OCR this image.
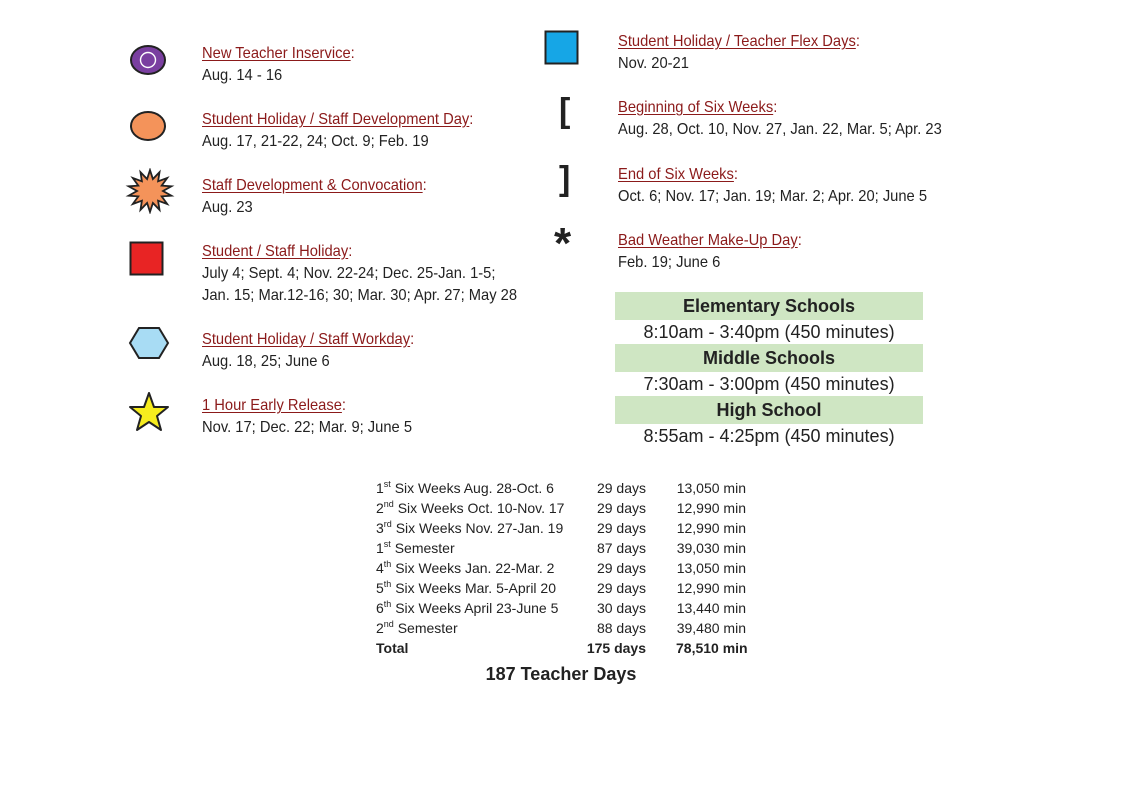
New Teacher Inservice:
Aug. 14 - 16
Student Holiday / Staff Development Day:
Aug. 17, 21-22, 24; Oct. 9; Feb. 19
Staff Development & Convocation:
Aug. 23
Student / Staff Holiday:
July 4; Sept. 4; Nov. 22-24; Dec. 25-Jan. 1-5;
Jan. 15; Mar.12-16; 30; Mar. 30; Apr. 27; May 28
Student Holiday / Staff Workday:
Aug. 18, 25; June 6
1 Hour Early Release:
Nov. 17; Dec. 22; Mar. 9; June 5
Student Holiday / Teacher Flex Days:
Nov. 20-21
[	Beginning of Six Weeks:
Aug. 28, Oct. 10, Nov. 27, Jan. 22, Mar. 5; Apr. 23
]	End of Six Weeks:
Oct. 6; Nov. 17; Jan. 19; Mar. 2; Apr. 20; June 5
*	Bad Weather Make-Up Day:
Feb. 19; June 6
Elementary Schools
8:10am - 3:40pm (450 minutes)
Middle Schools
7:30am - 3:00pm (450 minutes)
High School
8:55am - 4:25pm (450 minutes)
1st Six Weeks Aug. 28-Oct. 6	29 days 13,050 min
2nd Six Weeks Oct. 10-Nov. 17	29 days 12,990 min
3rd Six Weeks Nov. 27-Jan. 19	29 days 12,990 min
1st Semester	87 days 39,030 min
4th Six Weeks Jan. 22-Mar. 2	29 days 13,050 min
5th Six Weeks Mar. 5-April 20	29 days 12,990 min
6th Six Weeks April 23-June 5	30 days 13,440 min
2nd Semester	88 days 39,480 min
Total	175 days 78,510 min
187 Teacher Days
